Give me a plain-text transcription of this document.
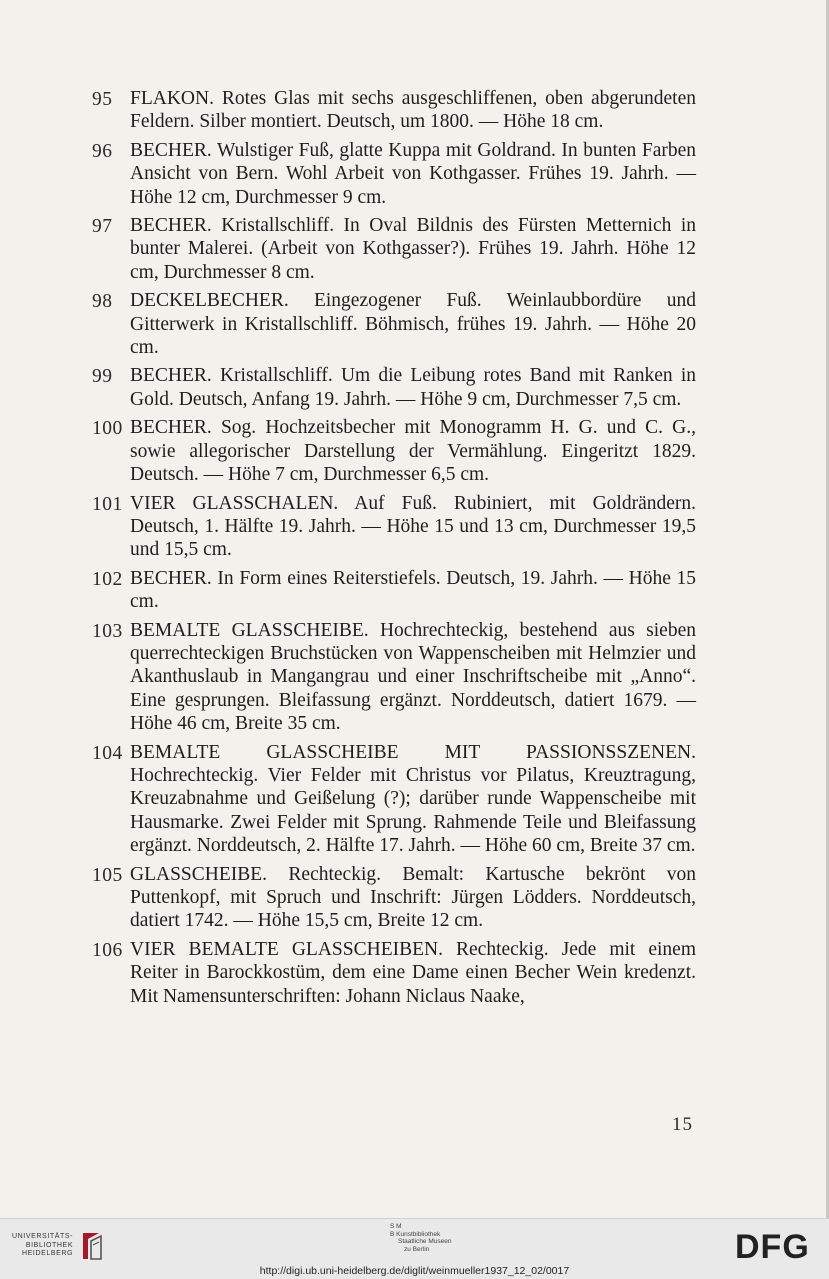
95 FLAKON. Rotes Glas mit sechs ausgeschliffenen, oben abgerundeten Feldern. Silber montiert. Deutsch, um 1800. — Höhe 18 cm.
96 BECHER. Wulstiger Fuß, glatte Kuppa mit Goldrand. In bunten Farben Ansicht von Bern. Wohl Arbeit von Kothgasser. Frühes 19. Jahrh. — Höhe 12 cm, Durchmesser 9 cm.
97 BECHER. Kristallschliff. In Oval Bildnis des Fürsten Metternich in bunter Malerei. (Arbeit von Kothgasser?). Frühes 19. Jahrh. Höhe 12 cm, Durchmesser 8 cm.
98 DECKELBECHER. Eingezogener Fuß. Weinlaubbordüre und Gitterwerk in Kristallschliff. Böhmisch, frühes 19. Jahrh. — Höhe 20 cm.
99 BECHER. Kristallschliff. Um die Leibung rotes Band mit Ranken in Gold. Deutsch, Anfang 19. Jahrh. — Höhe 9 cm, Durchmesser 7,5 cm.
100 BECHER. Sog. Hochzeitsbecher mit Monogramm H. G. und C. G., sowie allegorischer Darstellung der Vermählung. Eingeritzt 1829. Deutsch. — Höhe 7 cm, Durchmesser 6,5 cm.
101 VIER GLASSCHALEN. Auf Fuß. Rubiniert, mit Goldrändern. Deutsch, 1. Hälfte 19. Jahrh. — Höhe 15 und 13 cm, Durchmesser 19,5 und 15,5 cm.
102 BECHER. In Form eines Reiterstiefels. Deutsch, 19. Jahrh. — Höhe 15 cm.
103 BEMALTE GLASSCHEIBE. Hochrechteckig, bestehend aus sieben querrechteckigen Bruchstücken von Wappenscheiben mit Helmzier und Akanthuslaub in Mangangrau und einer Inschriftscheibe mit „Anno“. Eine gesprungen. Bleifassung ergänzt. Norddeutsch, datiert 1679. — Höhe 46 cm, Breite 35 cm.
104 BEMALTE GLASSCHEIBE MIT PASSIONSSZENEN. Hochrechteckig. Vier Felder mit Christus vor Pilatus, Kreuztragung, Kreuzabnahme und Geißelung (?); darüber runde Wappenscheibe mit Hausmarke. Zwei Felder mit Sprung. Rahmende Teile und Bleifassung ergänzt. Norddeutsch, 2. Hälfte 17. Jahrh. — Höhe 60 cm, Breite 37 cm.
105 GLASSCHEIBE. Rechteckig. Bemalt: Kartusche bekrönt von Puttenkopf, mit Spruch und Inschrift: Jürgen Lödders. Norddeutsch, datiert 1742. — Höhe 15,5 cm, Breite 12 cm.
106 VIER BEMALTE GLASSCHEIBEN. Rechteckig. Jede mit einem Reiter in Barockkostüm, dem eine Dame einen Becher Wein kredenzt. Mit Namensunterschriften: Johann Niclaus Naake,
15
UNIVERSITÄTS-
BIBLIOTHEK
HEIDELBERG
S M
B Kunstbibliothek
Staatliche Museen
zu Berlin	DFG
http://digi.ub.uni-heidelberg.de/diglit/weinmueller1937_12_02/0017
